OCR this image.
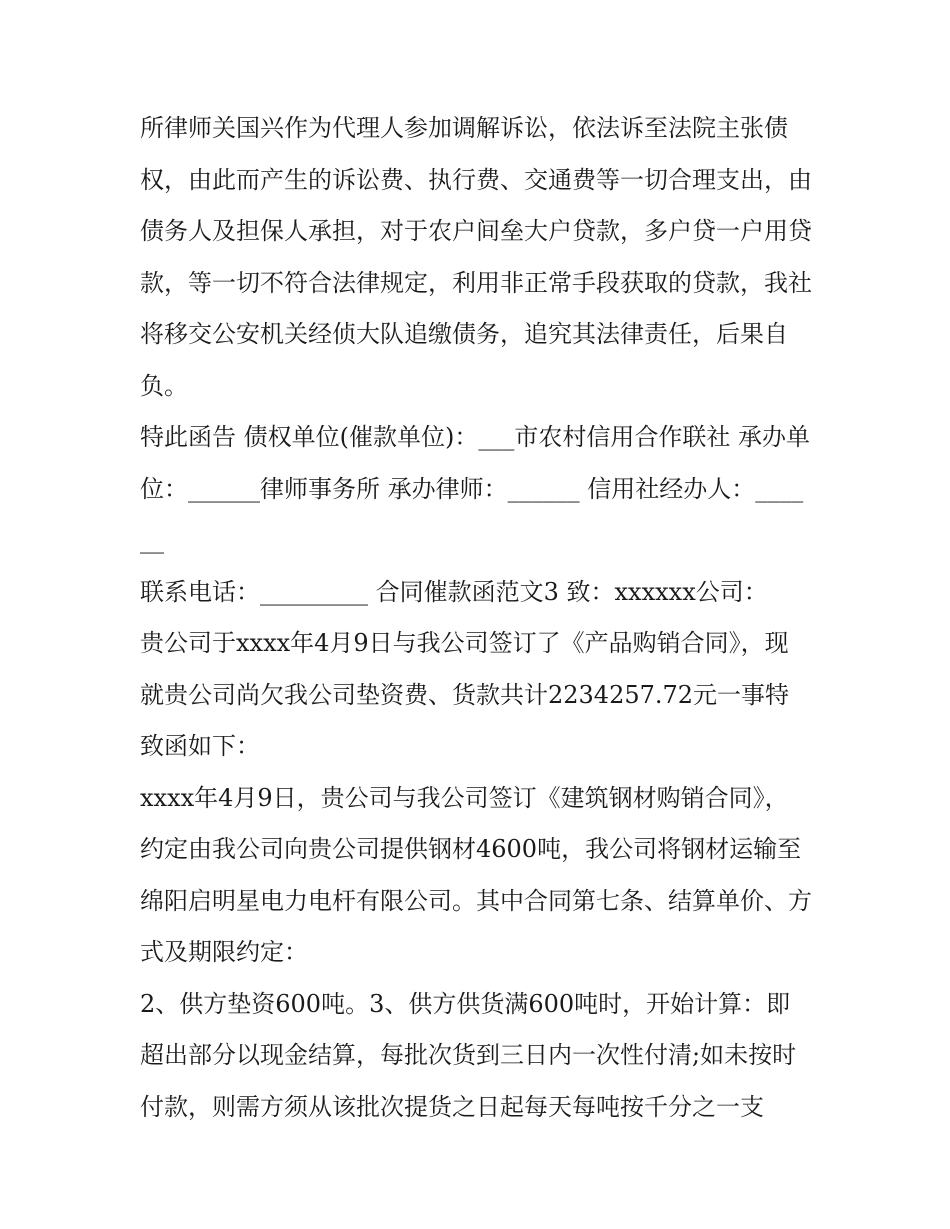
所律师关国兴作为代理人参加调解诉讼，依法诉至法院主张债权，由此而产生的诉讼费、执行费、交通费等一切合理支出，由债务人及担保人承担，对于农户间垒大户贷款，多户贷一户用贷款，等一切不符合法律规定，利用非正常手段获取的贷款，我社将移交公安机关经侦大队追缴债务，追究其法律责任，后果自负。

特此函告 债权单位(催款单位)：___市农村信用合作联社 承办单位：______律师事务所 承办律师：______ 信用社经办人：______

联系电话：_________ 合同催款函范文3 致：xxxxxx公司：

贵公司于xxxx年4月9日与我公司签订了《产品购销合同》，现就贵公司尚欠我公司垫资费、货款共计2234257.72元一事特致函如下：

xxxx年4月9日，贵公司与我公司签订《建筑钢材购销合同》，约定由我公司向贵公司提供钢材4600吨，我公司将钢材运输至绵阳启明星电力电杆有限公司。其中合同第七条、结算单价、方式及期限约定：

2、供方垫资600吨。3、供方供货满600吨时，开始计算：即超出部分以现金结算，每批次货到三日内一次性付清;如未按时付款，则需方须从该批次提货之日起每天每吨按千分之一支
